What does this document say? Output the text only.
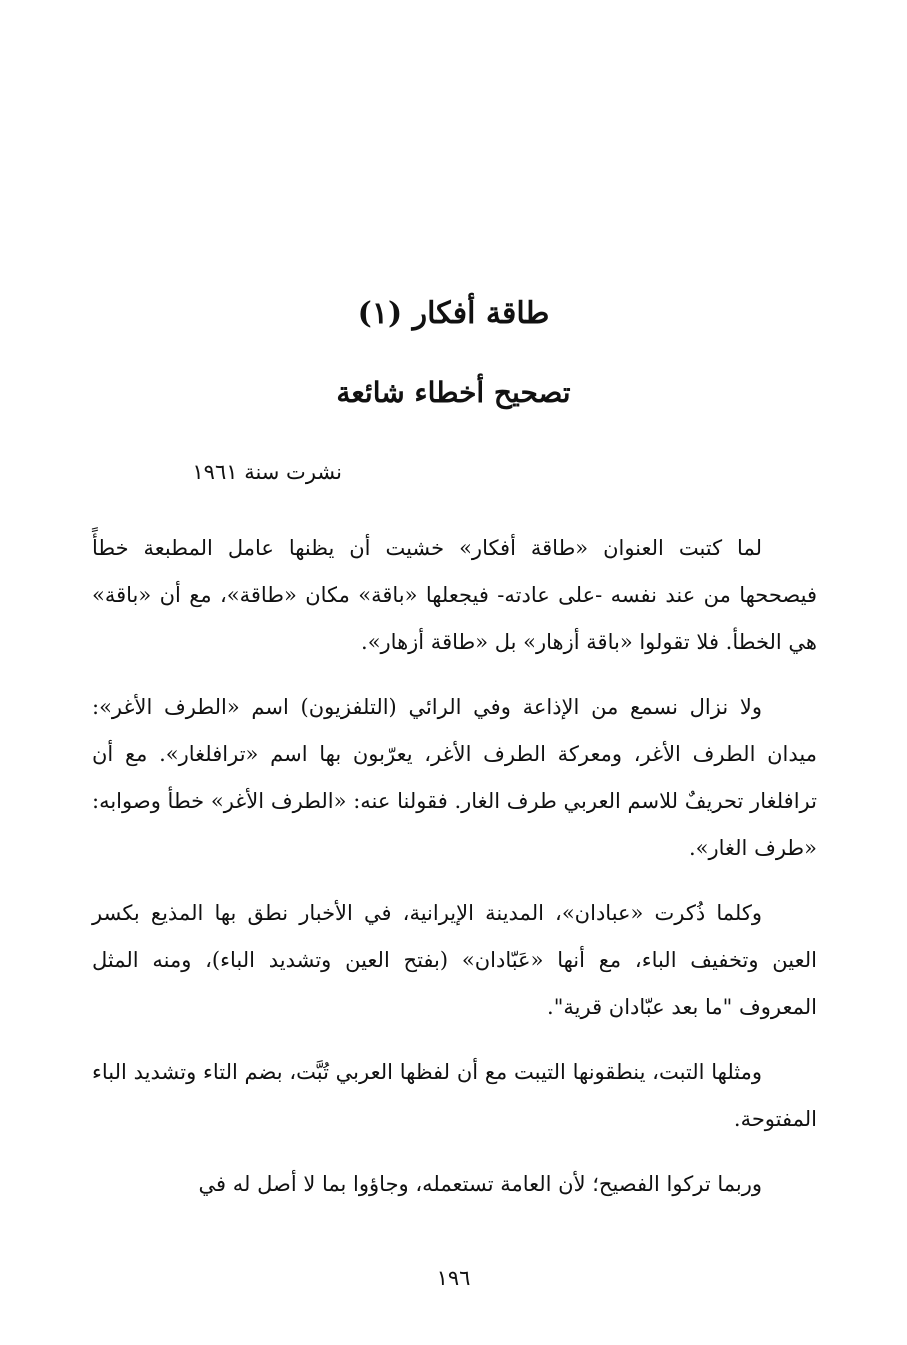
طاقة أفكار (١)
تصحيح أخطاء شائعة

نشرت سنة ١٩٦١

لما كتبت العنوان «طاقة أفكار» خشيت أن يظنها عامل المطبعة خطأً فيصححها من عند نفسه -على عادته- فيجعلها «باقة» مكان «طاقة»، مع أن «باقة» هي الخطأ. فلا تقولوا «باقة أزهار» بل «طاقة أزهار».

ولا نزال نسمع من الإذاعة وفي الرائي (التلفزيون) اسم «الطرف الأغر»: ميدان الطرف الأغر، ومعركة الطرف الأغر، يعرّبون بها اسم «ترافلغار». مع أن ترافلغار تحريفٌ للاسم العربي طرف الغار. فقولنا عنه: «الطرف الأغر» خطأ وصوابه: «طرف الغار».

وكلما ذُكرت «عبادان»، المدينة الإيرانية، في الأخبار نطق بها المذيع بكسر العين وتخفيف الباء، مع أنها «عَبّادان» (بفتح العين وتشديد الباء)، ومنه المثل المعروف "ما بعد عبّادان قرية".

ومثلها التبت، ينطقونها التيبت مع أن لفظها العربي تُبَّت، بضم التاء وتشديد الباء المفتوحة.

وربما تركوا الفصيح؛ لأن العامة تستعمله، وجاؤوا بما لا أصل له في

١٩٦
